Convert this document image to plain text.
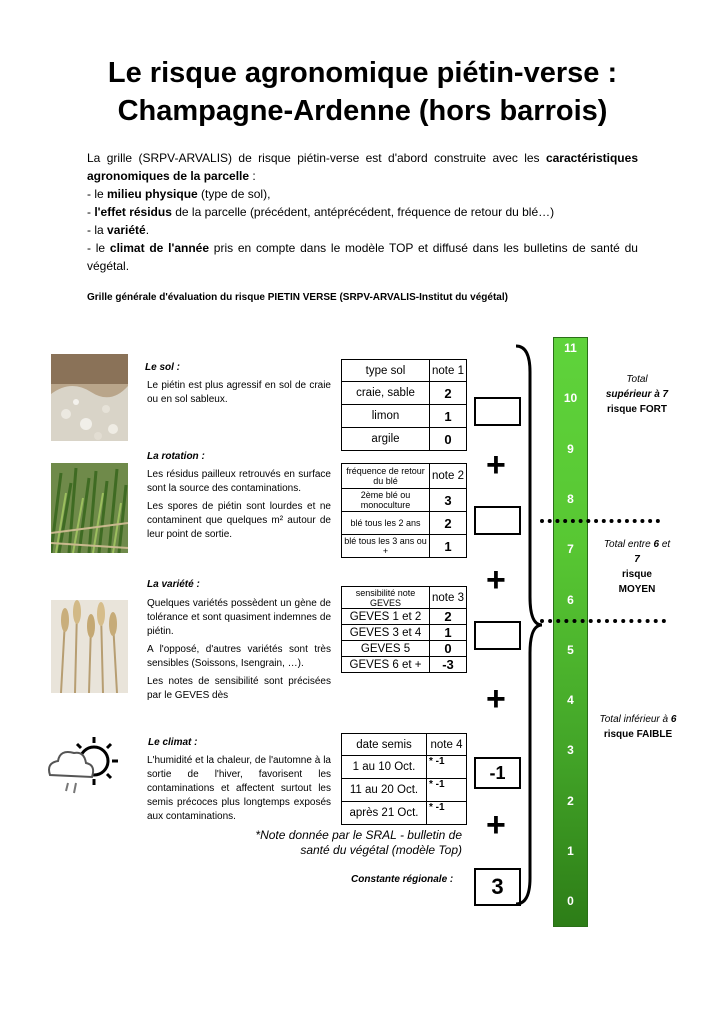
Le risque agronomique piétin-verse :
Champagne-Ardenne (hors barrois)

La grille (SRPV-ARVALIS) de risque piétin-verse est d'abord construite avec les caractéristiques agronomiques de la parcelle :

- le milieu physique (type de sol),

- l'effet résidus de la parcelle (précédent, antéprécédent, fréquence de retour du blé…)

- la variété.

- le climat de l'année pris en compte dans le modèle TOP et diffusé dans les bulletins de santé du végétal.

Grille générale d'évaluation du risque PIETIN VERSE (SRPV-ARVALIS-Institut du végétal)
Le sol :
Le piétin est plus agressif en sol de craie ou en sol sableux.
type sol	note 1
craie, sable	2
limon	1
argile	0
La rotation :

Les résidus pailleux retrouvés en surface sont la source des contaminations.

Les spores de piétin sont lourdes et ne contaminent que quelques m² autour de leur point de sortie.

fréquence de retour du blé	note 2
2ème blé ou monoculture	3
blé tous les 2 ans	2
blé tous les 3 ans ou +	1
La variété :

Quelques variétés possèdent un gène de tolérance et sont quasiment indemnes de piétin.

A l'opposé, d'autres variétés sont très sensibles (Soissons, Isengrain, …).

Les notes de sensibilité sont précisées par le GEVES dès

sensibilité note GEVES	note 3
GEVES 1 et 2	2
GEVES 3 et 4	1
GEVES 5	0
GEVES 6 et +	-3
Le climat :
L'humidité et la chaleur, de l'automne à la sortie de l'hiver, favorisent les contaminations et affectent surtout les semis précoces plus longtemps exposés aux contaminations.
date semis	note 4
1 au 10 Oct.	* -1
11 au 20 Oct.	* -1
après 21 Oct.	* -1
*Note donnée par le SRAL - bulletin de santé du végétal (modèle Top)
-1
3
+
+
+
+
Constante régionale :
11
10
9
8
7
6
5
4
3
2
1
0
Total
supérieur à 7
risque FORT
Total entre 6 et
7
risque
MOYEN
Total inférieur à 6
risque FAIBLE
